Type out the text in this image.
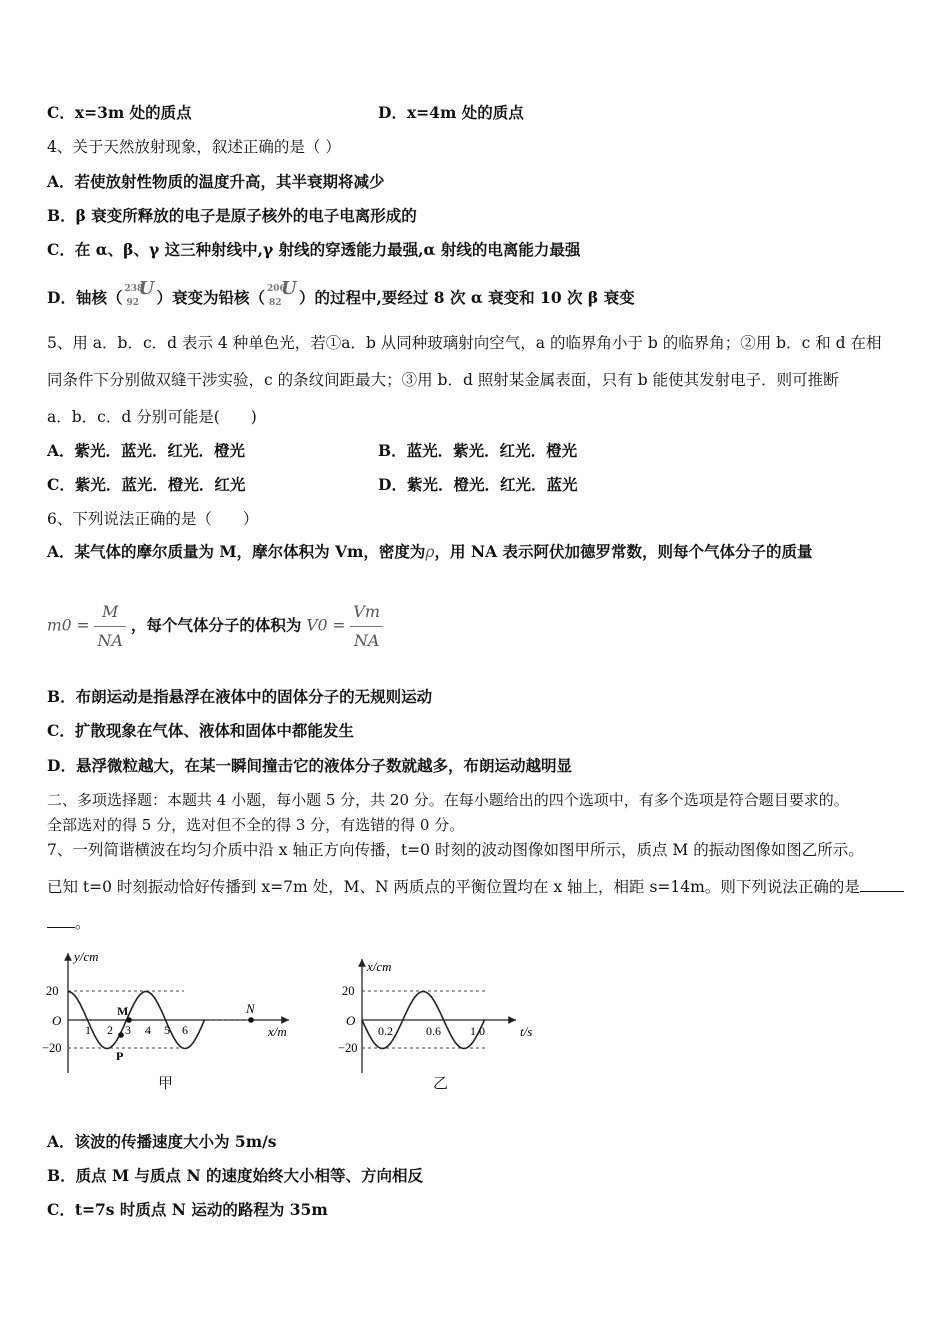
C．x=3m 处的质点	D．x=4m 处的质点
4、关于天然放射现象，叙述正确的是（ ）
A．若使放射性物质的温度升高，其半衰期将减少
B．β 衰变所释放的电子是原子核外的电子电离形成的
C．在 α、β、γ 这三种射线中,γ 射线的穿透能力最强,α 射线的电离能力最强
D．铀核（ 238
92
U ）衰变为铅核（ 206
82
U ）的过程中,要经过 8 次 α 衰变和 10 次 β 衰变
5、用 a．b．c．d 表示 4 种单色光，若①a．b 从同种玻璃射向空气，a 的临界角小于 b 的临界角；②用 b．c 和 d 在相
同条件下分别做双缝干涉实验，c 的条纹间距最大；③用 b．d 照射某金属表面，只有 b 能使其发射电子．则可推断
a．b．c．d 分别可能是(　　)
A．紫光．蓝光．红光．橙光	B．蓝光．紫光．红光．橙光
C．紫光．蓝光．橙光．红光	D．紫光．橙光．红光．蓝光
6、下列说法正确的是（　　）
A．某气体的摩尔质量为 M，摩尔体积为 Vm，密度为ρ，用 NA 表示阿伏加德罗常数，则每个气体分子的质量
$m0 = \frac{M}{NA}$ ，每个气体分子的体积为 $V0 = \frac{Vm}{NA}$
B．布朗运动是指悬浮在液体中的固体分子的无规则运动
C．扩散现象在气体、液体和固体中都能发生
D．悬浮微粒越大，在某一瞬间撞击它的液体分子数就越多，布朗运动越明显
二、多项选择题：本题共 4 小题，每小题 5 分，共 20 分。在每小题给出的四个选项中，有多个选项是符合题目要求的。
全部选对的得 5 分，选对但不全的得 3 分，有选错的得 0 分。
7、一列简谐横波在均匀介质中沿 x 轴正方向传播，t=0 时刻的波动图像如图甲所示，质点 M 的振动图像如图乙所示。
已知 t=0 时刻振动恰好传播到 x=7m 处，M、N 两质点的平衡位置均在 x 轴上，相距 s=14m。则下列说法正确的是
。
y/cm
20
O
−20
1 2 3 4 5 6	x/m
M
P
N
甲
x/cm
20
O
−20
0.2	0.6 1.0	t/s
乙
A．该波的传播速度大小为 5m/s
B．质点 M 与质点 N 的速度始终大小相等、方向相反
C．t=7s 时质点 N 运动的路程为 35m
